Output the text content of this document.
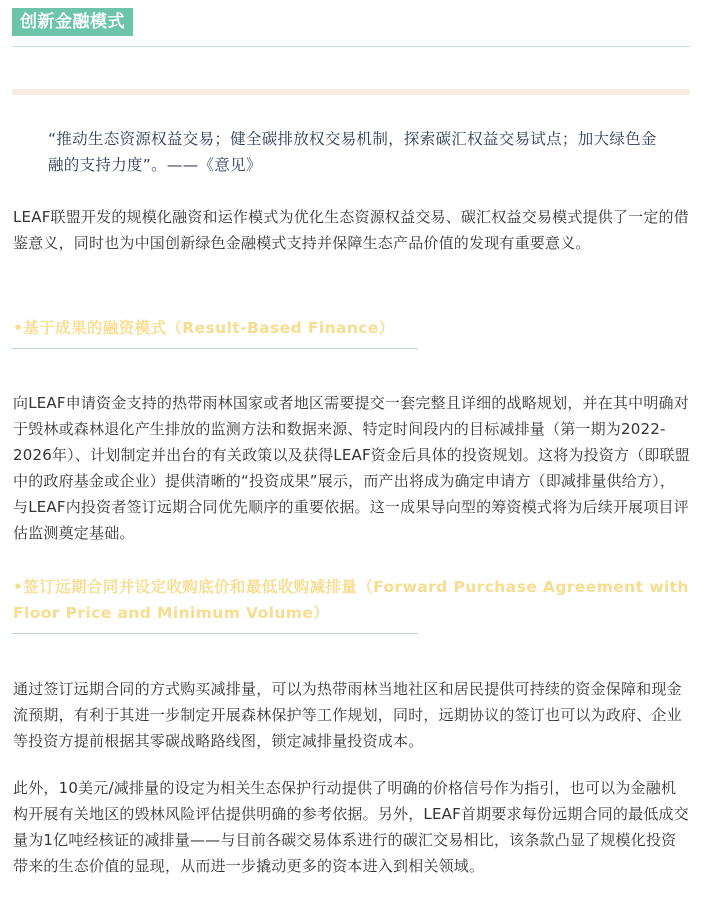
创新金融模式
“推动生态资源权益交易；健全碳排放权交易机制，探索碳汇权益交易试点；加大绿色金融的支持力度”。——《意见》
LEAF联盟开发的规模化融资和运作模式为优化生态资源权益交易、碳汇权益交易模式提供了一定的借鉴意义，同时也为中国创新绿色金融模式支持并保障生态产品价值的发现有重要意义。
•基于成果的融资模式（Result-Based Finance）
向LEAF申请资金支持的热带雨林国家或者地区需要提交一套完整且详细的战略规划，并在其中明确对于毁林或森林退化产生排放的监测方法和数据来源、特定时间段内的目标减排量（第一期为2022-2026年）、计划制定并出台的有关政策以及获得LEAF资金后具体的投资规划。这将为投资方（即联盟中的政府基金或企业）提供清晰的“投资成果”展示，而产出将成为确定申请方（即减排量供给方），与LEAF内投资者签订远期合同优先顺序的重要依据。这一成果导向型的筹资模式将为后续开展项目评估监测奠定基础。
•签订远期合同并设定收购底价和最低收购减排量（Forward Purchase Agreement with Floor Price and Minimum Volume）
通过签订远期合同的方式购买减排量，可以为热带雨林当地社区和居民提供可持续的资金保障和现金流预期，有利于其进一步制定开展森林保护等工作规划，同时，远期协议的签订也可以为政府、企业等投资方提前根据其零碳战略路线图，锁定减排量投资成本。
此外，10美元/减排量的设定为相关生态保护行动提供了明确的价格信号作为指引，也可以为金融机构开展有关地区的毁林风险评估提供明确的参考依据。另外，LEAF首期要求每份远期合同的最低成交量为1亿吨经核证的减排量——与目前各碳交易体系进行的碳汇交易相比，该条款凸显了规模化投资带来的生态价值的显现，从而进一步撬动更多的资本进入到相关领域。
